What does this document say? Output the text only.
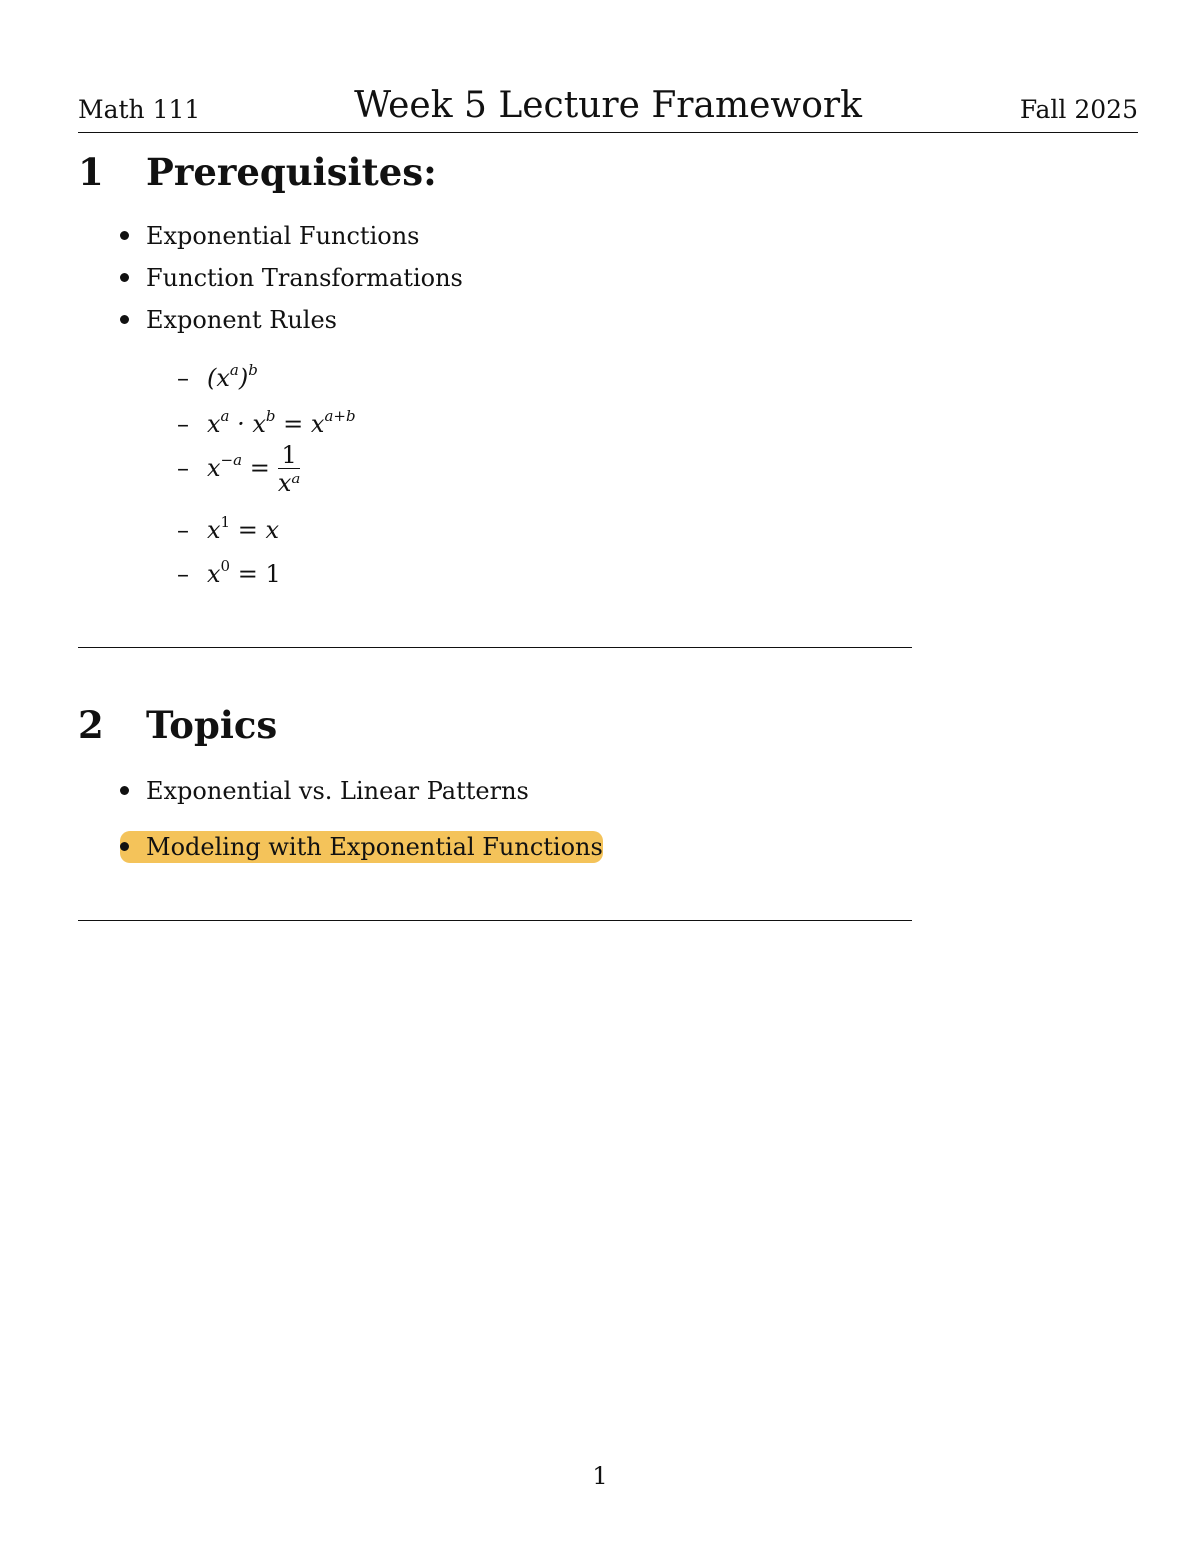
Math 111	Week 5 Lecture Framework	Fall 2025
1 Prerequisites:
Exponential Functions
Function Transformations
Exponent Rules
– $(x^a)^b$
– $x^a \cdot x^b = x^{a+b}$
– $x^{-a} = \frac{1}{\text{xᵃ}}$
– $x^1 = x$
– $x^0 = 1$
2 Topics
Exponential vs. Linear Patterns
Modeling with Exponential Functions
1
